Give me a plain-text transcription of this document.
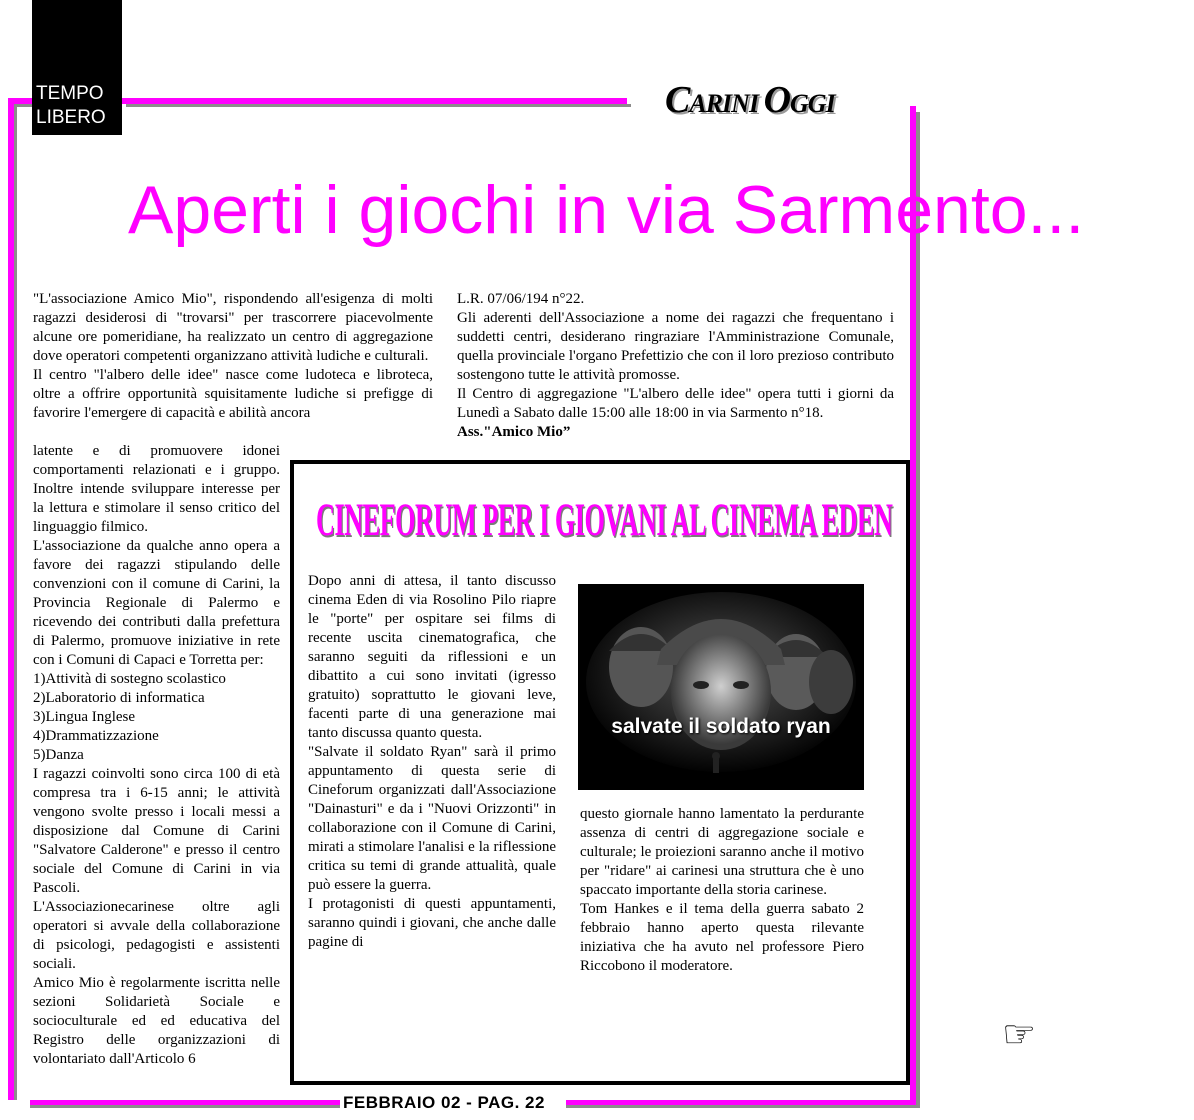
TEMPO
LIBERO	CARINI OGGI
Aperti i giochi in via Sarmento...

"L'associazione Amico Mio", rispondendo all'esigenza di molti ragazzi desiderosi di "trovarsi" per trascorrere piacevolmente alcune ore pomeridiane, ha realizzato un centro di aggregazione dove operatori competenti organizzano attività ludiche e culturali.

Il centro "l'albero delle idee" nasce come ludoteca e libroteca, oltre a offrire opportunità squisitamente ludiche si prefigge di favorire l'emergere di capacità e abilità ancora

latente e di promuovere idonei comportamenti relazionati e i gruppo. Inoltre intende sviluppare interesse per la lettura e stimolare il senso critico del linguaggio filmico.

L'associazione da qualche anno opera a favore dei ragazzi stipulando delle convenzioni con il comune di Carini, la Provincia Regionale di Palermo e ricevendo dei contributi dalla prefettura di Palermo, promuove iniziative in rete con i Comuni di Capaci e Torretta per:

1)Attività di sostegno scolastico

2)Laboratorio di informatica

3)Lingua Inglese

4)Drammatizzazione

5)Danza

I ragazzi coinvolti sono circa 100 di età compresa tra i 6-15 anni; le attività vengono svolte presso i locali messi a disposizione dal Comune di Carini "Salvatore Calderone" e presso il centro sociale del Comune di Carini in via Pascoli.

L'Associazionecarinese oltre agli operatori si avvale della collaborazione di psicologi, pedagogisti e assistenti sociali.

Amico Mio è regolarmente iscritta nelle sezioni Solidarietà Sociale e socioculturale ed ed educativa del Registro delle organizzazioni di volontariato dall'Articolo 6

L.R. 07/06/194 n°22.

Gli aderenti dell'Associazione a nome dei ragazzi che frequentano i suddetti centri, desiderano ringraziare l'Amministrazione Comunale, quella provinciale l'organo Prefettizio che con il loro prezioso contributo sostengono tutte le attività promosse.

Il Centro di aggregazione "L'albero delle idee" opera tutti i giorni da Lunedì a Sabato dalle 15:00 alle 18:00 in via Sarmento n°18.

Ass."Amico Mio”

CINEFORUM PER I GIOVANI AL CINEMA EDEN

Dopo anni di attesa, il tanto discusso cinema Eden di via Rosolino Pilo riapre le "porte" per ospitare sei films di recente uscita cinematografica, che saranno seguiti da riflessioni e un dibattito a cui sono invitati (igresso gratuito) soprattutto le giovani leve, facenti parte di una generazione mai tanto discussa quanto questa.

"Salvate il soldato Ryan" sarà il primo appuntamento di questa serie di Cineforum organizzati dall'Associazione "Dainasturi" e da i "Nuovi Orizzonti" in collaborazione con il Comune di Carini, mirati a stimolare l'analisi e la riflessione critica su temi di grande attualità, quale può essere la guerra.

I protagonisti di questi appuntamenti, saranno quindi i giovani, che anche dalle pagine di

salvate il soldato ryan

questo giornale hanno lamentato la perdurante assenza di centri di aggregazione sociale e culturale; le proiezioni saranno anche il motivo per "ridare" ai carinesi una struttura che è uno spaccato importante della storia carinese.

Tom Hankes e il tema della guerra sabato 2 febbraio hanno aperto questa rilevante iniziativa che ha avuto nel professore Piero Riccobono il moderatore.

☞
FEBBRAIO 02 - PAG. 22
